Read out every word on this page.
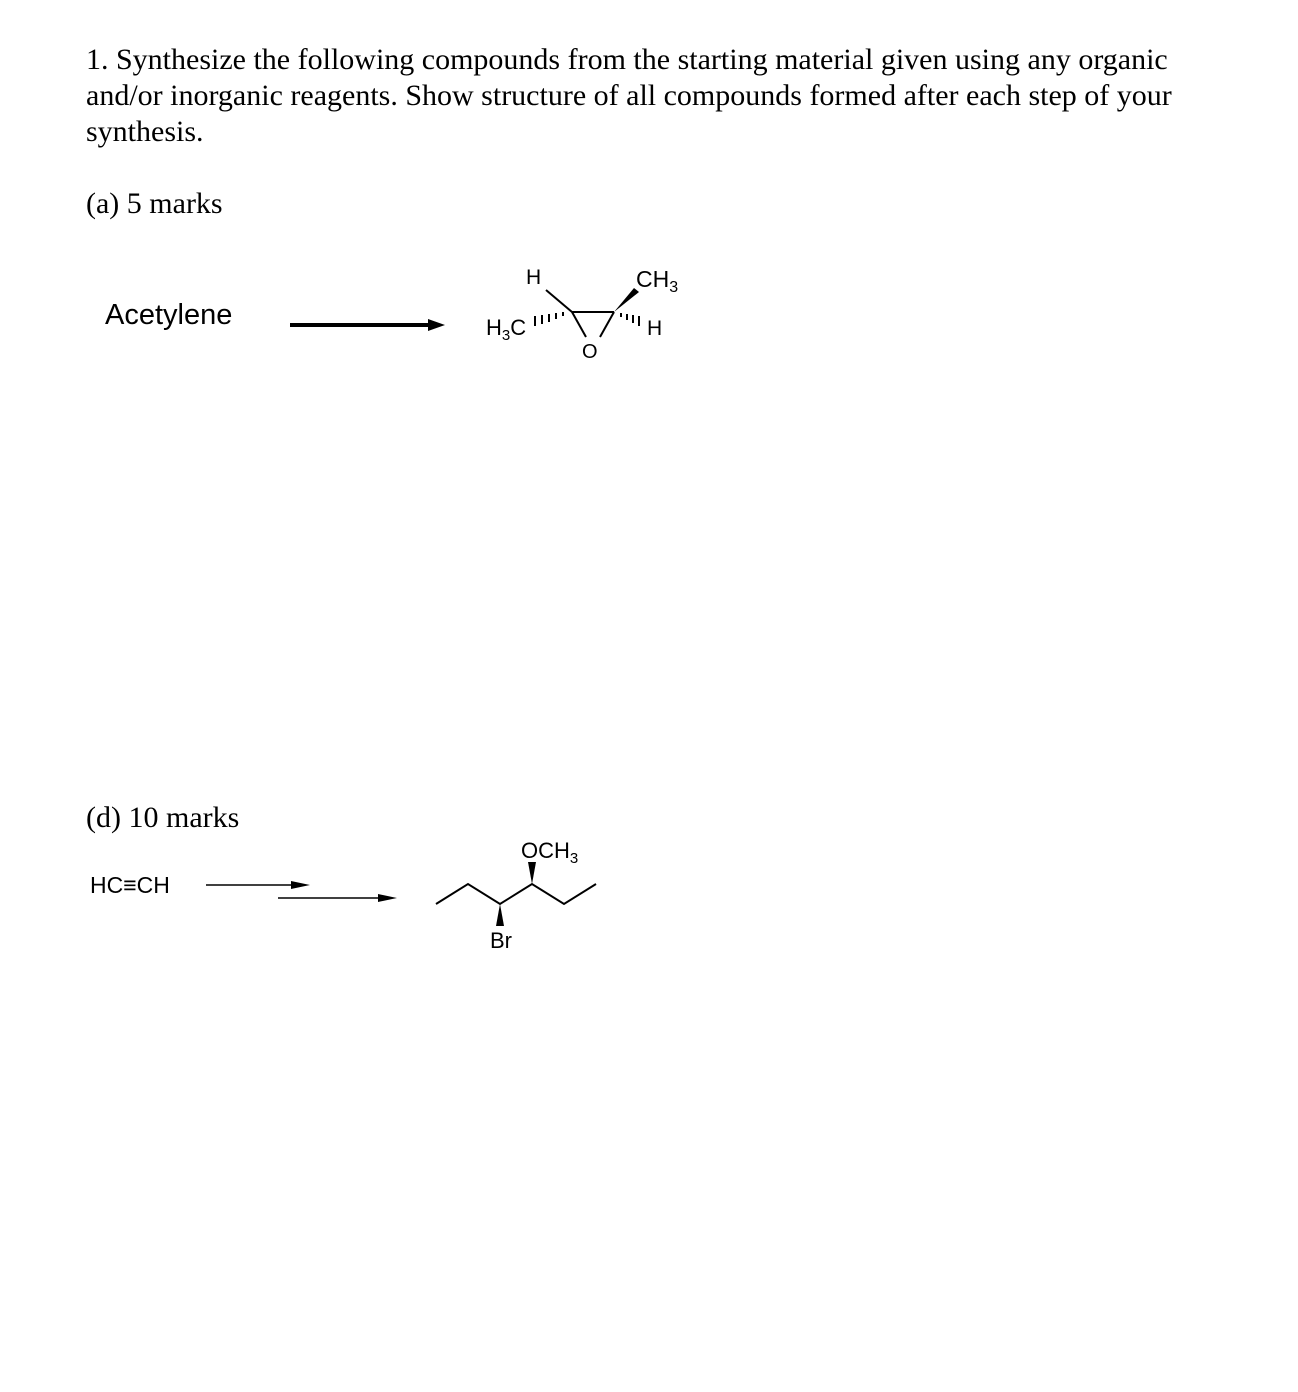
1. Synthesize the following compounds from the starting material given using any organic
and/or inorganic reagents. Show structure of all compounds formed after each step of your
synthesis.
(a) 5 marks
Acetylene
(d) 10 marks
HC≡CH
H	$CH_3$
$H_3C$	H
O
$OCH_3$
Br
